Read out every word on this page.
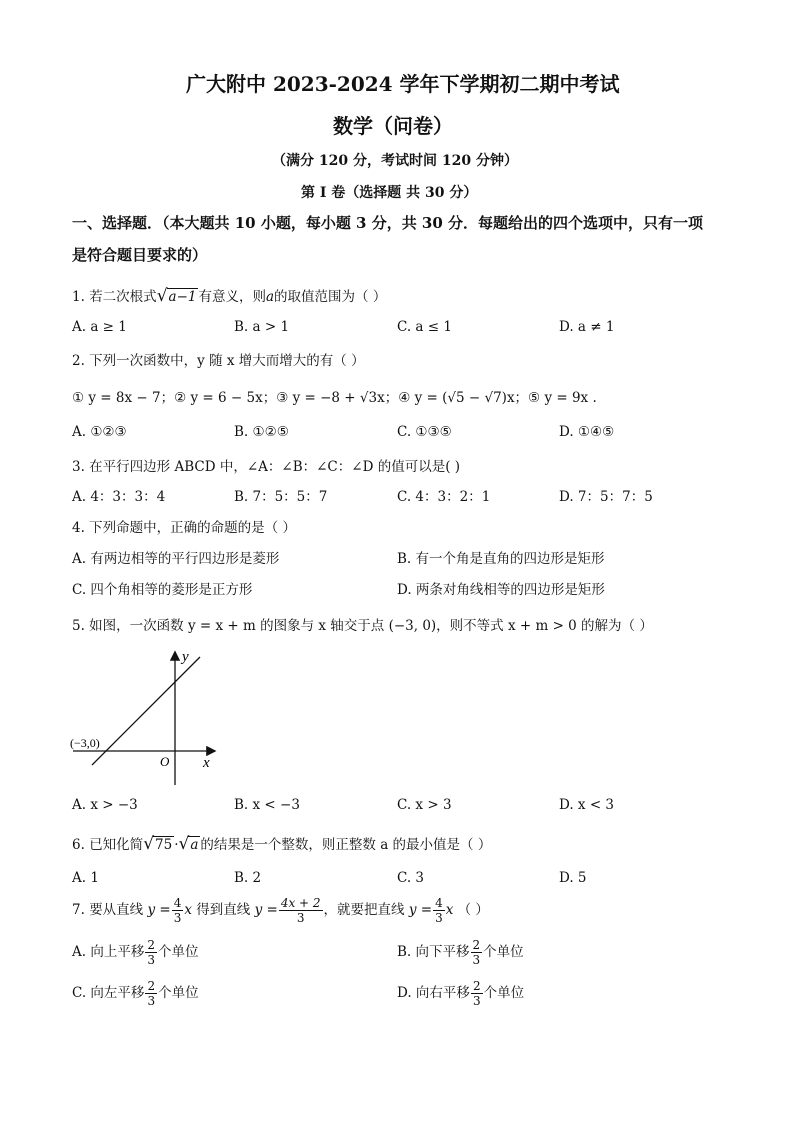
广大附中 2023-2024 学年下学期初二期中考试
数学（问卷）
（满分 120 分，考试时间 120 分钟）
第 I 卷（选择题 共 30 分）
一、选择题．（本大题共 10 小题，每小题 3 分，共 30 分．每题给出的四个选项中，只有一项
是符合题目要求的）
1. 若二次根式√a−1 有意义，则a的取值范围为（ ）
A. a ≥ 1	B. a > 1	C. a ≤ 1	D. a ≠ 1
2. 下列一次函数中，y 随 x 增大而增大的有（ ）
① y = 8x − 7；② y = 6 − 5x；③ y = −8 + √3x；④ y = (√5 − √7)x；⑤ y = 9x .
A. ①②③	B. ①②⑤	C. ①③⑤	D. ①④⑤
3. 在平行四边形 ABCD 中，∠A：∠B：∠C：∠D 的值可以是( )
A. 4：3：3：4	B. 7：5：5：7	C. 4：3：2：1	D. 7：5：7：5
4. 下列命题中，正确的命题的是（ ）
A. 有两边相等的平行四边形是菱形	B. 有一个角是直角的四边形是矩形
C. 四个角相等的菱形是正方形	D. 两条对角线相等的四边形是矩形
5. 如图，一次函数 y = x + m 的图象与 x 轴交于点 (−3, 0)，则不等式 x + m > 0 的解为（ ）
(−3,0)
O x
y
A. x > −3	B. x < −3	C. x > 3	D. x < 3
6. 已知化简√75 ·√a 的结果是一个整数，则正整数 a 的最小值是（ ）
A. 1	B. 2	C. 3	D. 5
7. 要从直线 $y = \frac{4}{3}$ x 得到直线 $y = \frac{4x + 2}{3}$ ，就要把直线 $y = \frac{4}{3}$ x （ ）
A. 向上平移 $\frac{2}{3}$ 个单位	B. 向下平移 $\frac{2}{3}$ 个单位
C. 向左平移 $\frac{2}{3}$ 个单位	D. 向右平移 $\frac{2}{3}$ 个单位
